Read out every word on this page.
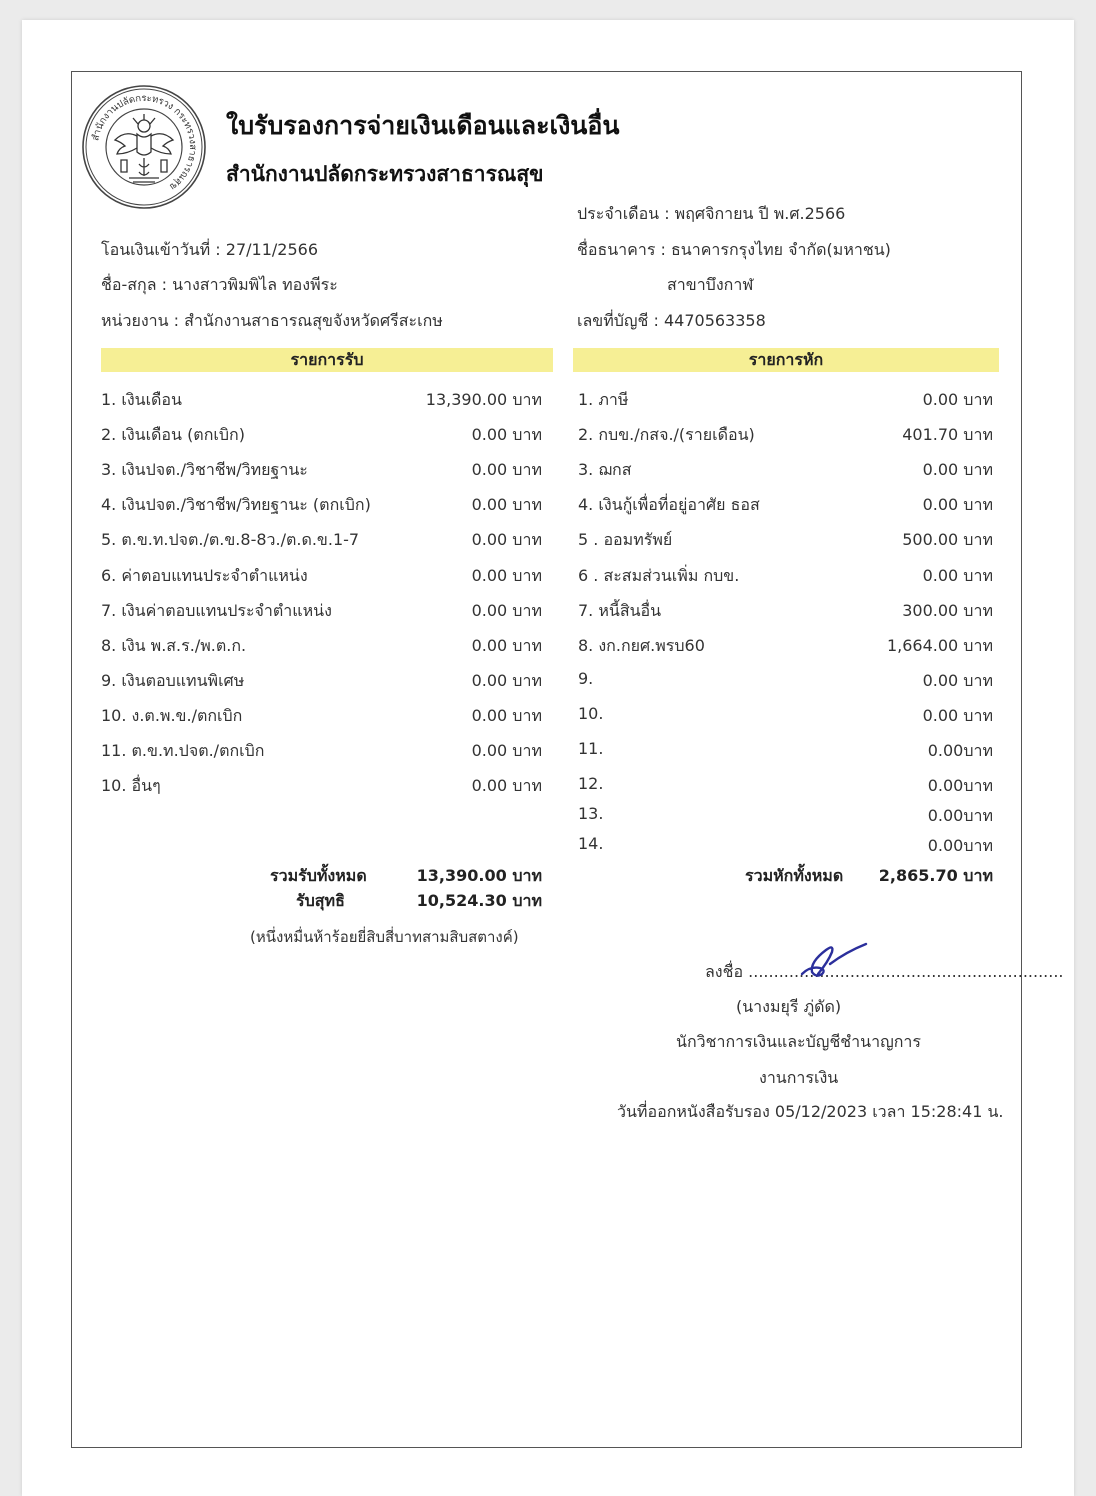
สำนักงานปลัดกระทรวง กระทรวงสาธารณสุข
ใบรับรองการจ่ายเงินเดือนและเงินอื่น
สำนักงานปลัดกระทรวงสาธารณสุข
ประจำเดือน : พฤศจิกายน ปี พ.ศ.2566
โอนเงินเข้าวันที่ : 27/11/2566	ชื่อธนาคาร : ธนาคารกรุงไทย จำกัด(มหาชน)
ชื่อ-สกุล : นางสาวพิมพิไล ทองพีระ	สาขาบึงกาฬ
หน่วยงาน : สำนักงานสาธารณสุขจังหวัดศรีสะเกษ	เลขที่บัญชี : 4470563358
รายการรับ	รายการหัก
1. เงินเดือน	13,390.00 บาท
2. เงินเดือน (ตกเบิก)	0.00 บาท
3. เงินปจต./วิชาชีพ/วิทยฐานะ	0.00 บาท
4. เงินปจต./วิชาชีพ/วิทยฐานะ (ตกเบิก)	0.00 บาท
5. ต.ข.ท.ปจต./ต.ข.8-8ว./ต.ด.ข.1-7	0.00 บาท
6. ค่าตอบแทนประจำตำแหน่ง	0.00 บาท
7. เงินค่าตอบแทนประจำตำแหน่ง	0.00 บาท
8. เงิน พ.ส.ร./พ.ต.ก.	0.00 บาท
9. เงินตอบแทนพิเศษ	0.00 บาท
10. ง.ต.พ.ข./ตกเบิก	0.00 บาท
11. ต.ข.ท.ปจต./ตกเบิก	0.00 บาท
10. อื่นๆ	0.00 บาท
1. ภาษี	0.00 บาท
2. กบข./กสจ./(รายเดือน)	401.70 บาท
3. ฌกส	0.00 บาท
4. เงินกู้เพื่อที่อยู่อาศัย ธอส	0.00 บาท
5 . ออมทรัพย์	500.00 บาท
6 . สะสมส่วนเพิ่ม กบข.	0.00 บาท
7. หนี้สินอื่น	300.00 บาท
8. งก.กยศ.พรบ60	1,664.00 บาท
9.	0.00 บาท
10.	0.00 บาท
11.	0.00บาท
12.	0.00บาท
13.	0.00บาท
14.	0.00บาท
รวมรับทั้งหมด	13,390.00 บาท
รับสุทธิ	10,524.30 บาท
(หนึ่งหมื่นห้าร้อยยี่สิบสี่บาทสามสิบสตางค์)
รวมหักทั้งหมด 2,865.70 บาท
ลงชื่อ ..............................................................
(นางมยุรี ภู่ดัด)
นักวิชาการเงินและบัญชีชำนาญการ
งานการเงิน
วันที่ออกหนังสือรับรอง 05/12/2023 เวลา 15:28:41 น.
